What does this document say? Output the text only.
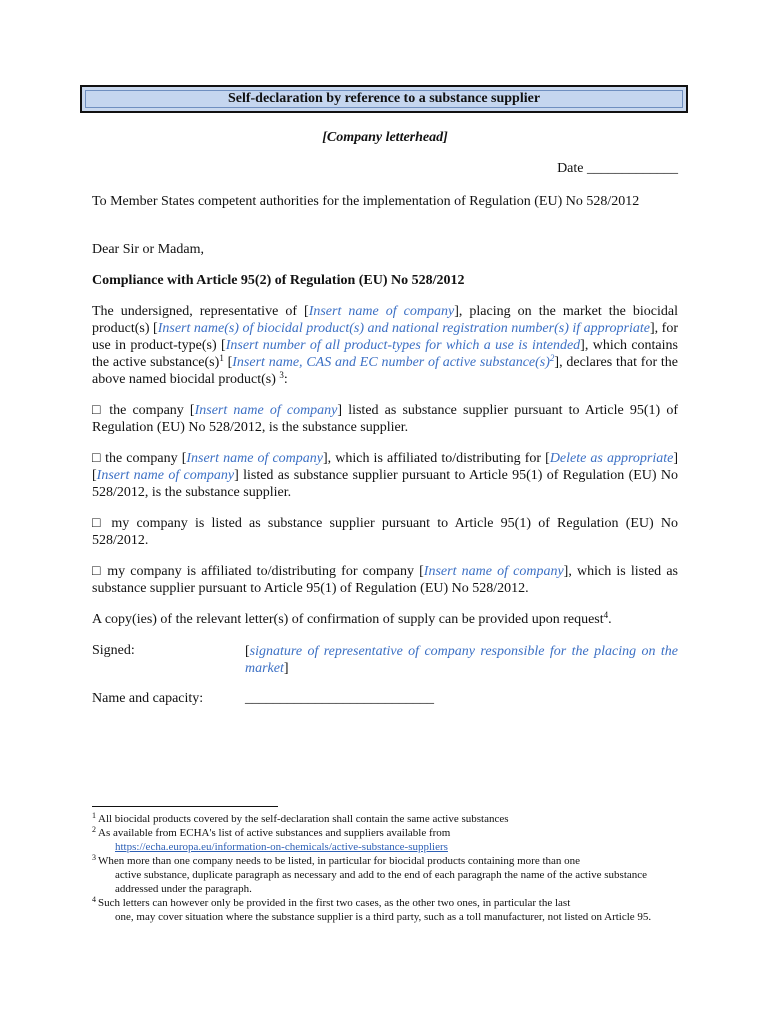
Self-declaration by reference to a substance supplier
[Company letterhead]
Date _____________
To Member States competent authorities for the implementation of Regulation (EU) No 528/2012
Dear Sir or Madam,
Compliance with Article 95(2) of Regulation (EU) No 528/2012
The undersigned, representative of [Insert name of company], placing on the market the biocidal product(s) [Insert name(s) of biocidal product(s) and national registration number(s) if appropriate], for use in product-type(s) [Insert number of all product-types for which a use is intended], which contains the active $substance(s)^1$ [Insert name, CAS and EC number of active $substance(s)^2$], declares that for the above named biocidal product(s) $^3$:
□ the company [Insert name of company] listed as substance supplier pursuant to Article 95(1) of Regulation (EU) No 528/2012, is the substance supplier.
□ the company [Insert name of company], which is affiliated to/distributing for [Delete as appropriate] [Insert name of company] listed as substance supplier pursuant to Article 95(1) of Regulation (EU) No 528/2012, is the substance supplier.
□ my company is listed as substance supplier pursuant to Article 95(1) of Regulation (EU) No 528/2012.
□ my company is affiliated to/distributing for company [Insert name of company], which is listed as substance supplier pursuant to Article 95(1) of Regulation (EU) No 528/2012.
A copy(ies) of the relevant letter(s) of confirmation of supply can be provided upon request$^4$.
Signed:	[signature of representative of company responsible for the placing on the market]
Name and capacity:	___________________________
$^1$ All biocidal products covered by the self-declaration shall contain the same active substances
$^2$ As available from ECHA's list of active substances and suppliers available from
https://echa.europa.eu/information-on-chemicals/active-substance-suppliers
$^3$ When more than one company needs to be listed, in particular for biocidal products containing more than one
active substance, duplicate paragraph as necessary and add to the end of each paragraph the name of the active substance addressed under the paragraph.
$^4$ Such letters can however only be provided in the first two cases, as the other two ones, in particular the last
one, may cover situation where the substance supplier is a third party, such as a toll manufacturer, not listed on Article 95.
